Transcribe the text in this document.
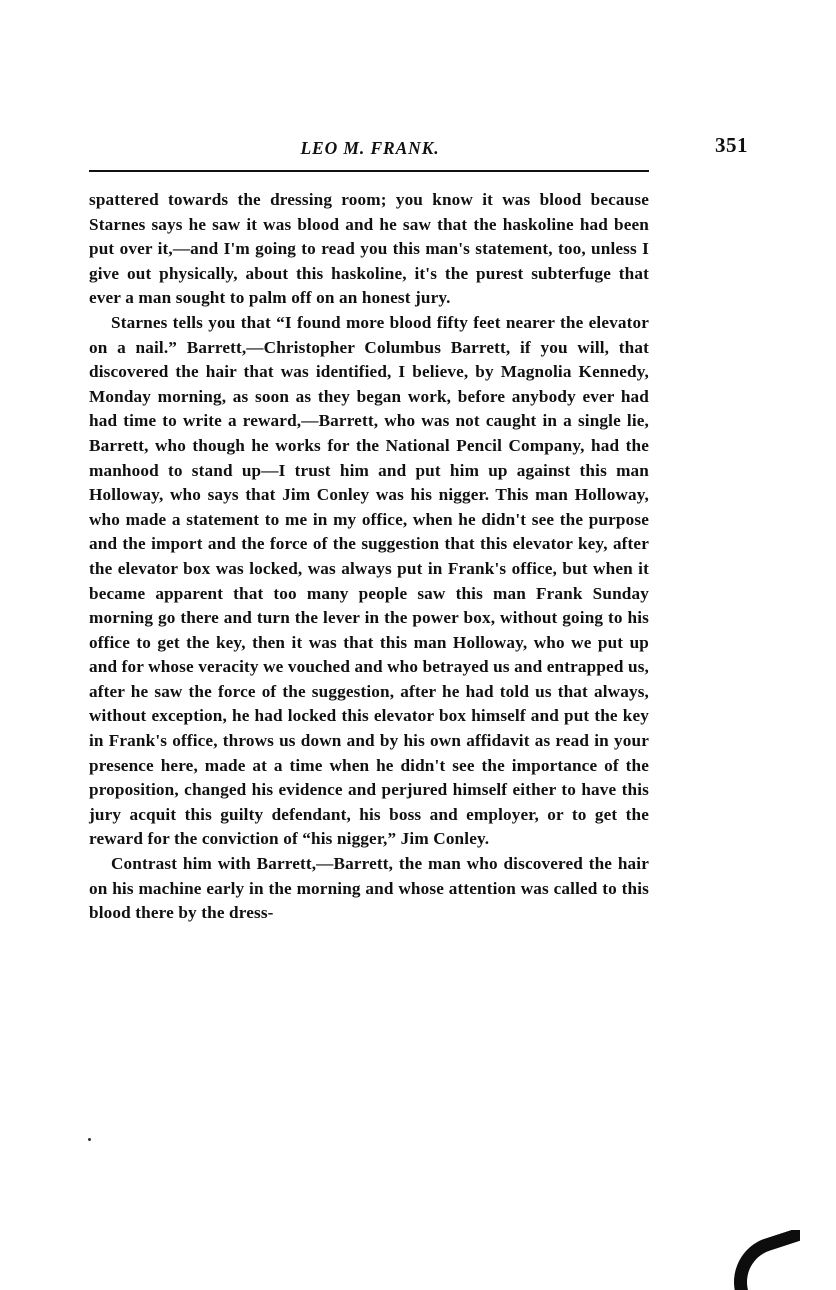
LEO M. FRANK.	351

spattered towards the dressing room; you know it was blood because Starnes says he saw it was blood and he saw that the haskoline had been put over it,—and I'm going to read you this man's statement, too, unless I give out physically, about this haskoline, it's the purest subterfuge that ever a man sought to palm off on an honest jury.

Starnes tells you that “I found more blood fifty feet nearer the elevator on a nail.” Barrett,—Christopher Columbus Barrett, if you will, that discovered the hair that was identified, I believe, by Magnolia Kennedy, Monday morning, as soon as they began work, before anybody ever had had time to write a reward,—Barrett, who was not caught in a single lie, Barrett, who though he works for the National Pencil Company, had the manhood to stand up—I trust him and put him up against this man Holloway, who says that Jim Conley was his nigger. This man Holloway, who made a statement to me in my office, when he didn't see the purpose and the import and the force of the suggestion that this elevator key, after the elevator box was locked, was always put in Frank's office, but when it became apparent that too many people saw this man Frank Sunday morning go there and turn the lever in the power box, without going to his office to get the key, then it was that this man Holloway, who we put up and for whose veracity we vouched and who betrayed us and entrapped us, after he saw the force of the suggestion, after he had told us that always, without exception, he had locked this elevator box himself and put the key in Frank's office, throws us down and by his own affidavit as read in your presence here, made at a time when he didn't see the importance of the proposition, changed his evidence and perjured himself either to have this jury acquit this guilty defendant, his boss and employer, or to get the reward for the conviction of “his nigger,” Jim Conley.

Contrast him with Barrett,—Barrett, the man who discovered the hair on his machine early in the morning and whose attention was called to this blood there by the dress-
